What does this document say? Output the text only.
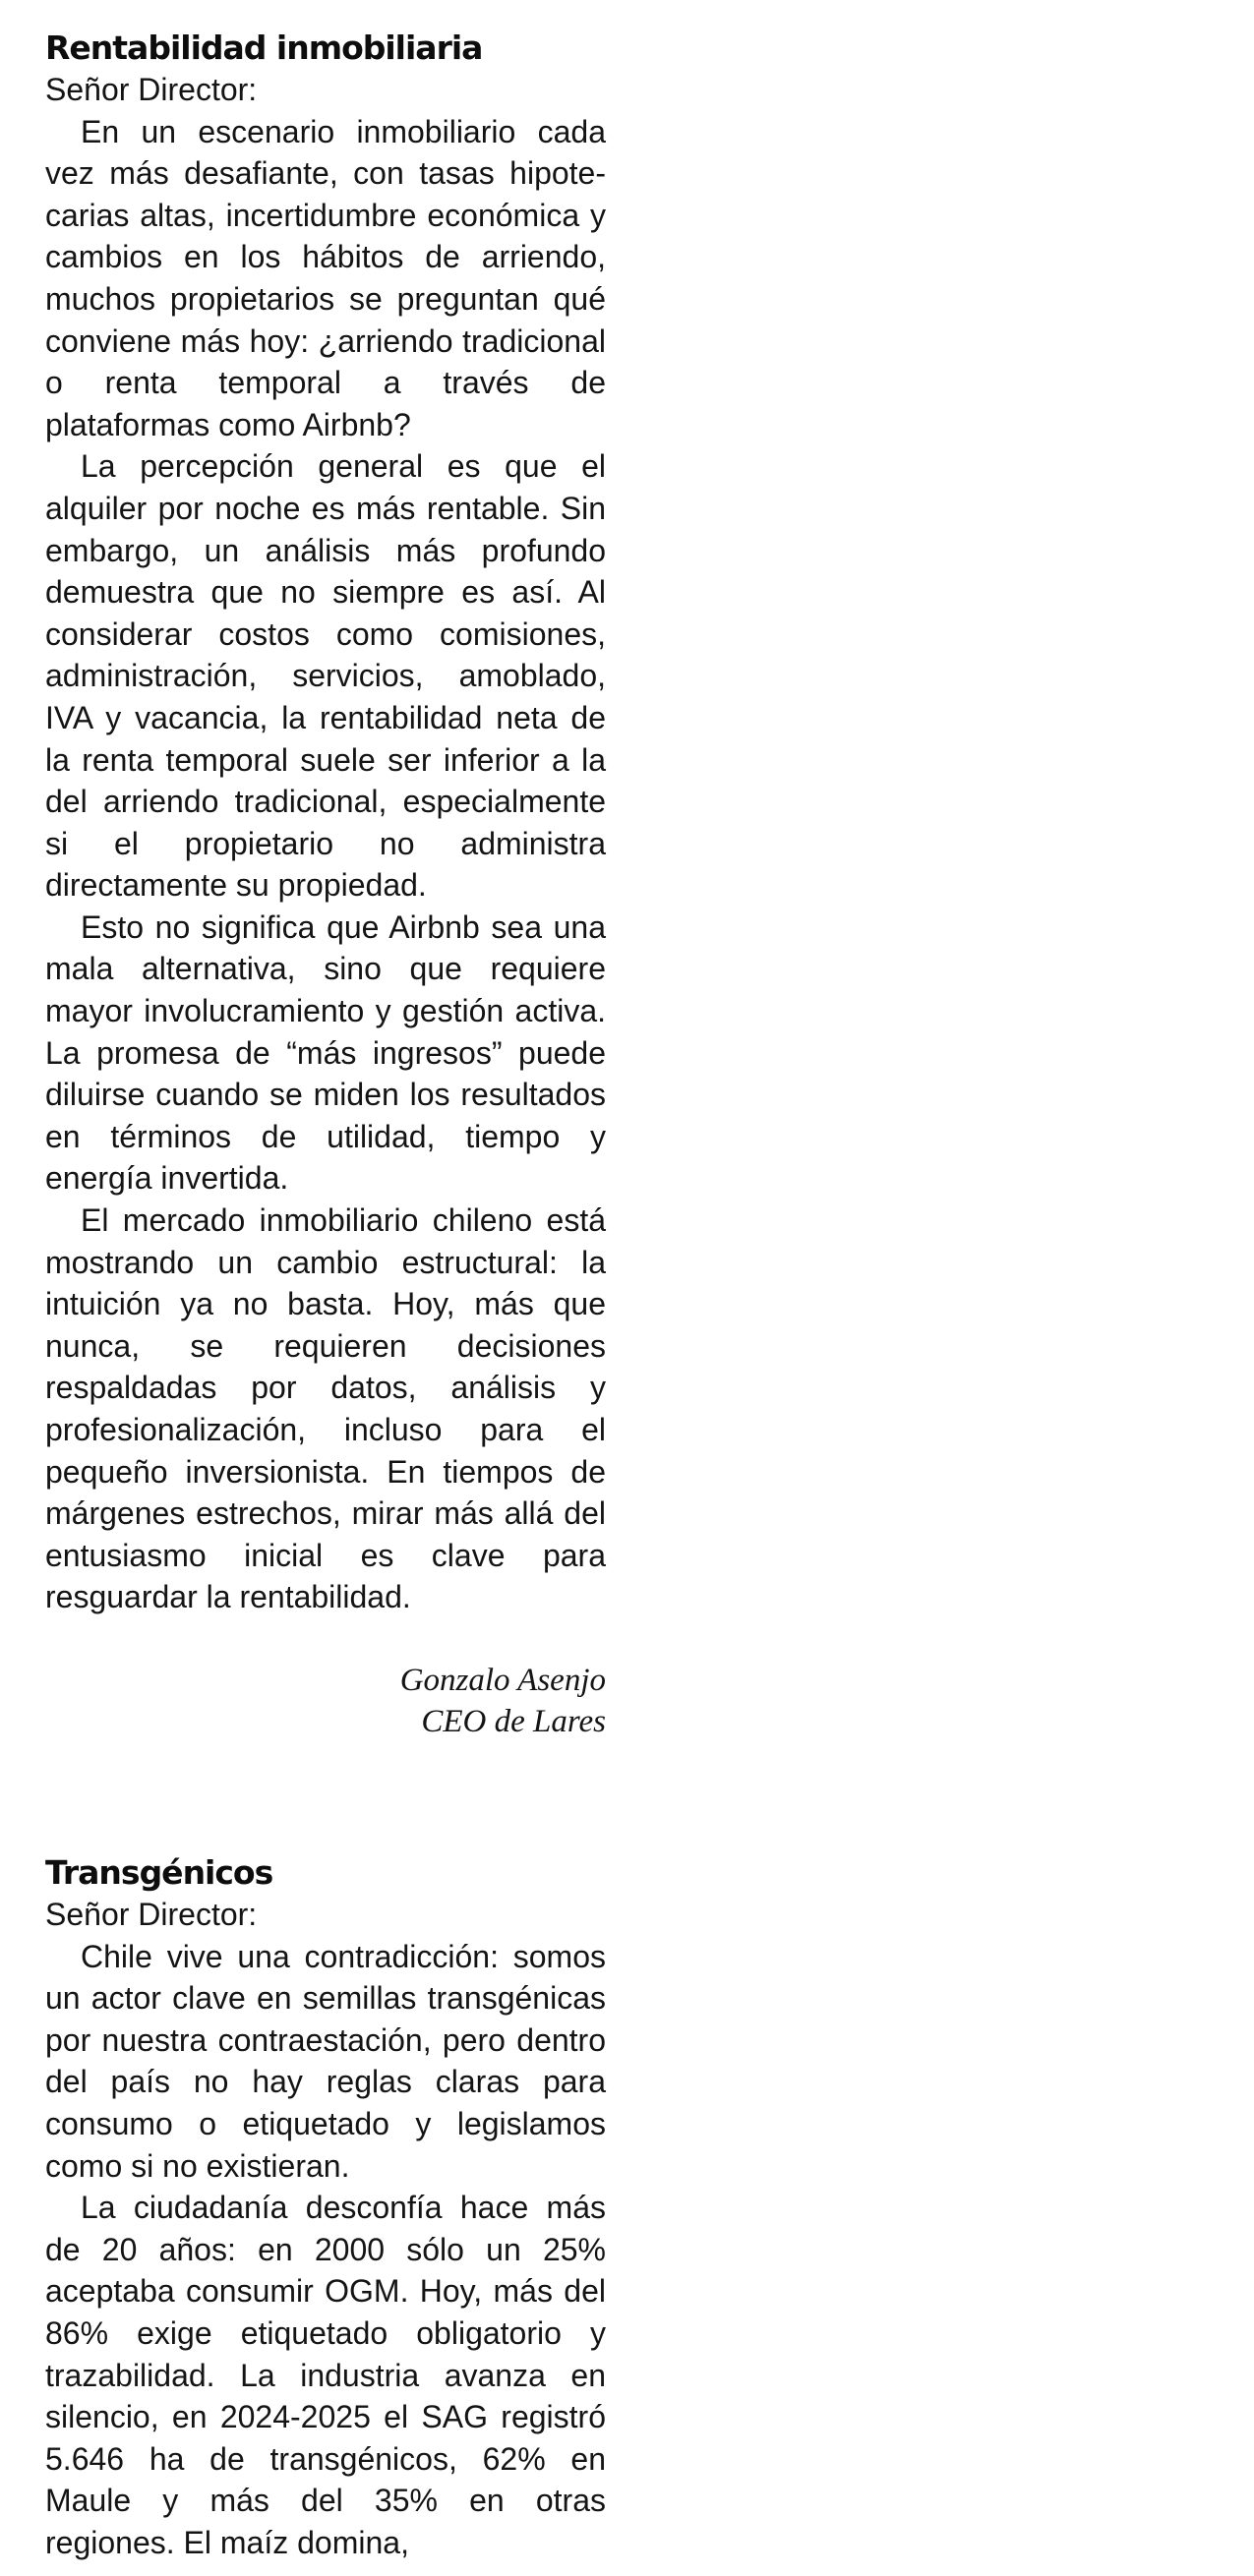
Rentabilidad inmobiliaria

Señor Director:

En un escenario inmobiliario cada vez más desafiante, con tasas hipotecarias altas, incertidumbre económica y cambios en los hábitos de arriendo, muchos propietarios se preguntan qué conviene más hoy: ¿arriendo tradicional o renta temporal a través de plataformas como Airbnb?

La percepción general es que el alquiler por noche es más rentable. Sin embargo, un análisis más profundo demuestra que no siempre es así. Al considerar costos como comisiones, administración, servicios, amoblado, IVA y vacancia, la rentabilidad neta de la renta temporal suele ser inferior a la del arriendo tradicional, especialmente si el propietario no administra directamente su propiedad.

Esto no significa que Airbnb sea una mala alternativa, sino que requiere mayor involucramiento y gestión activa. La promesa de “más ingresos” puede diluirse cuando se miden los resultados en términos de utilidad, tiempo y energía invertida.

El mercado inmobiliario chileno está mostrando un cambio estructural: la intuición ya no basta. Hoy, más que nunca, se requieren decisiones respaldadas por datos, análisis y profesionalización, incluso para el pequeño inversionista. En tiempos de márgenes estrechos, mirar más allá del entusiasmo inicial es clave para resguardar la rentabilidad.

Gonzalo Asenjo
CEO de Lares
Transgénicos

Señor Director:

Chile vive una contradicción: somos un actor clave en semillas transgénicas por nuestra contraestación, pero dentro del país no hay reglas claras para consumo o etiquetado y legislamos como si no existieran.

La ciudadanía desconfía hace más de 20 años: en 2000 sólo un 25% aceptaba consumir OGM. Hoy, más del 86% exige etiquetado obligatorio y trazabilidad. La industria avanza en silencio, en 2024-2025 el SAG registró 5.646 ha de transgénicos, 62% en Maule y más del 35% en otras regiones. El maíz domina,
